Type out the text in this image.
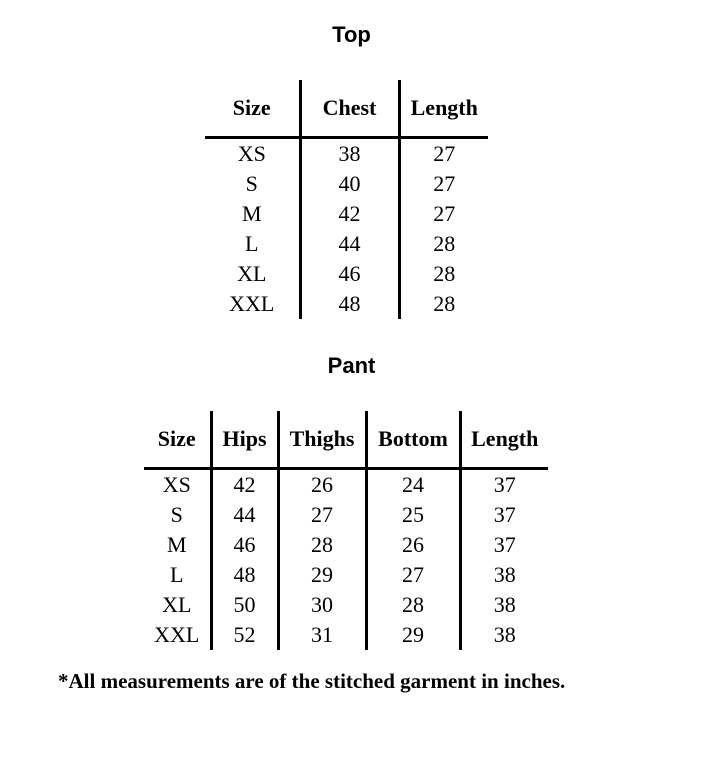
Top
Size	Chest	Length
XS	38	27
S	40	27
M	42	27
L	44	28
XL	46	28
XXL	48	28
Pant
Size	Hips	Thighs	Bottom	Length
XS	42	26	24	37
S	44	27	25	37
M	46	28	26	37
L	48	29	27	38
XL	50	30	28	38
XXL	52	31	29	38

*All measurements are of the stitched garment in inches.
